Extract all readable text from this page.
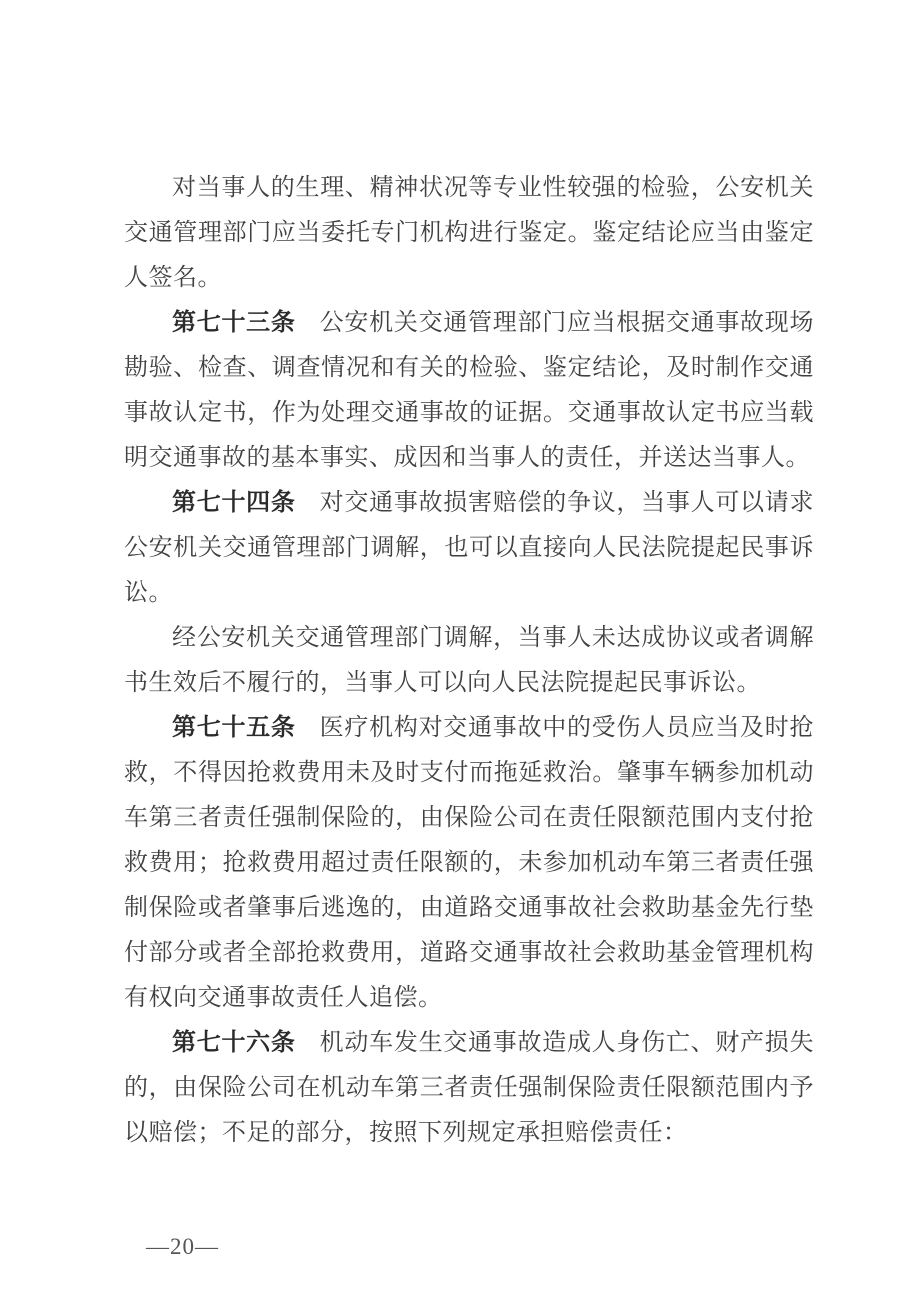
对当事人的生理、精神状况等专业性较强的检验，公安机关交通管理部门应当委托专门机构进行鉴定。鉴定结论应当由鉴定人签名。

第七十三条 公安机关交通管理部门应当根据交通事故现场勘验、检查、调查情况和有关的检验、鉴定结论，及时制作交通事故认定书，作为处理交通事故的证据。交通事故认定书应当载明交通事故的基本事实、成因和当事人的责任，并送达当事人。

第七十四条 对交通事故损害赔偿的争议，当事人可以请求公安机关交通管理部门调解，也可以直接向人民法院提起民事诉讼。

经公安机关交通管理部门调解，当事人未达成协议或者调解书生效后不履行的，当事人可以向人民法院提起民事诉讼。

第七十五条 医疗机构对交通事故中的受伤人员应当及时抢救，不得因抢救费用未及时支付而拖延救治。肇事车辆参加机动车第三者责任强制保险的，由保险公司在责任限额范围内支付抢救费用；抢救费用超过责任限额的，未参加机动车第三者责任强制保险或者肇事后逃逸的，由道路交通事故社会救助基金先行垫付部分或者全部抢救费用，道路交通事故社会救助基金管理机构有权向交通事故责任人追偿。

第七十六条 机动车发生交通事故造成人身伤亡、财产损失的，由保险公司在机动车第三者责任强制保险责任限额范围内予以赔偿；不足的部分，按照下列规定承担赔偿责任：

—20—
